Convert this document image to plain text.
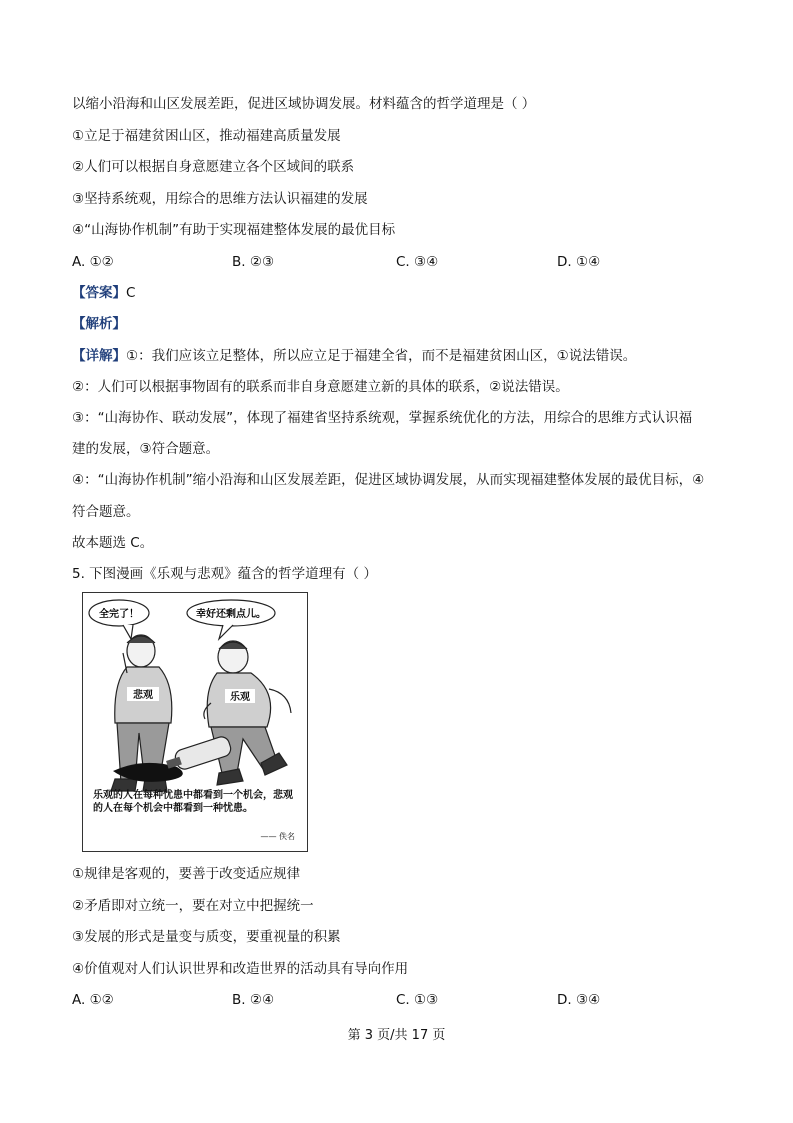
以缩小沿海和山区发展差距，促进区域协调发展。材料蕴含的哲学道理是（ ）
①立足于福建贫困山区，推动福建高质量发展
②人们可以根据自身意愿建立各个区域间的联系
③坚持系统观，用综合的思维方法认识福建的发展
④“山海协作机制”有助于实现福建整体发展的最优目标
A. ①②	B. ②③	C. ③④	D. ①④
【答案】C
【解析】
【详解】①：我们应该立足整体，所以应立足于福建全省，而不是福建贫困山区，①说法错误。
②：人们可以根据事物固有的联系而非自身意愿建立新的具体的联系，②说法错误。
③：“山海协作、联动发展”，体现了福建省坚持系统观，掌握系统优化的方法，用综合的思维方式认识福
建的发展，③符合题意。
④：“山海协作机制”缩小沿海和山区发展差距，促进区域协调发展，从而实现福建整体发展的最优目标，④
符合题意。
故本题选 C。
5. 下图漫画《乐观与悲观》蕴含的哲学道理有（ ）
全完了！	幸好还剩点儿。
悲观	乐观
乐观的人在每种忧患中都看到一个机会，悲观的人在每个机会中都看到一种忧患。
—— 佚名
①规律是客观的，要善于改变适应规律
②矛盾即对立统一，要在对立中把握统一
③发展的形式是量变与质变，要重视量的积累
④价值观对人们认识世界和改造世界的活动具有导向作用
A. ①②	B. ②④	C. ①③	D. ③④
第 3 页/共 17 页
